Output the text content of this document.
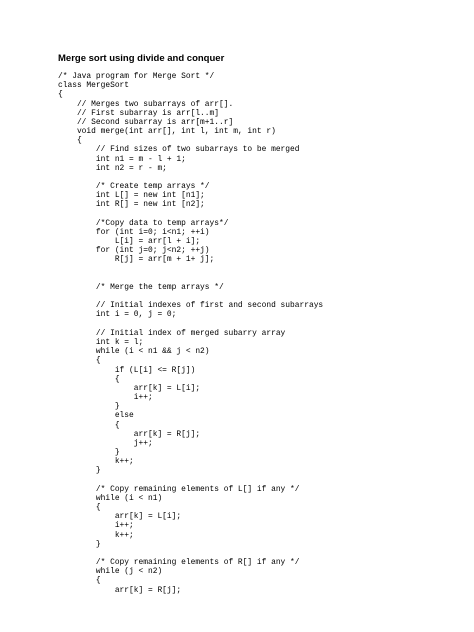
Merge sort using divide and conquer
/* Java program for Merge Sort */
class MergeSort
{
// Merges two subarrays of arr[].
// First subarray is arr[l..m]
// Second subarray is arr[m+1..r]
void merge(int arr[], int l, int m, int r)
{
// Find sizes of two subarrays to be merged
int n1 = m - l + 1;
int n2 = r - m;

/* Create temp arrays */
int L[] = new int [n1];
int R[] = new int [n2];

/*Copy data to temp arrays*/
for (int i=0; i<n1; ++i)
L[i] = arr[l + i];
for (int j=0; j<n2; ++j)
R[j] = arr[m + 1+ j];

/* Merge the temp arrays */

// Initial indexes of first and second subarrays
int i = 0, j = 0;

// Initial index of merged subarry array
int k = l;
while (i < n1 && j < n2)
{
if (L[i] <= R[j])
{
arr[k] = L[i];
i++;
}
else
{
arr[k] = R[j];
j++;
}
k++;
}

/* Copy remaining elements of L[] if any */
while (i < n1)
{
arr[k] = L[i];
i++;
k++;
}

/* Copy remaining elements of R[] if any */
while (j < n2)
{
arr[k] = R[j];
